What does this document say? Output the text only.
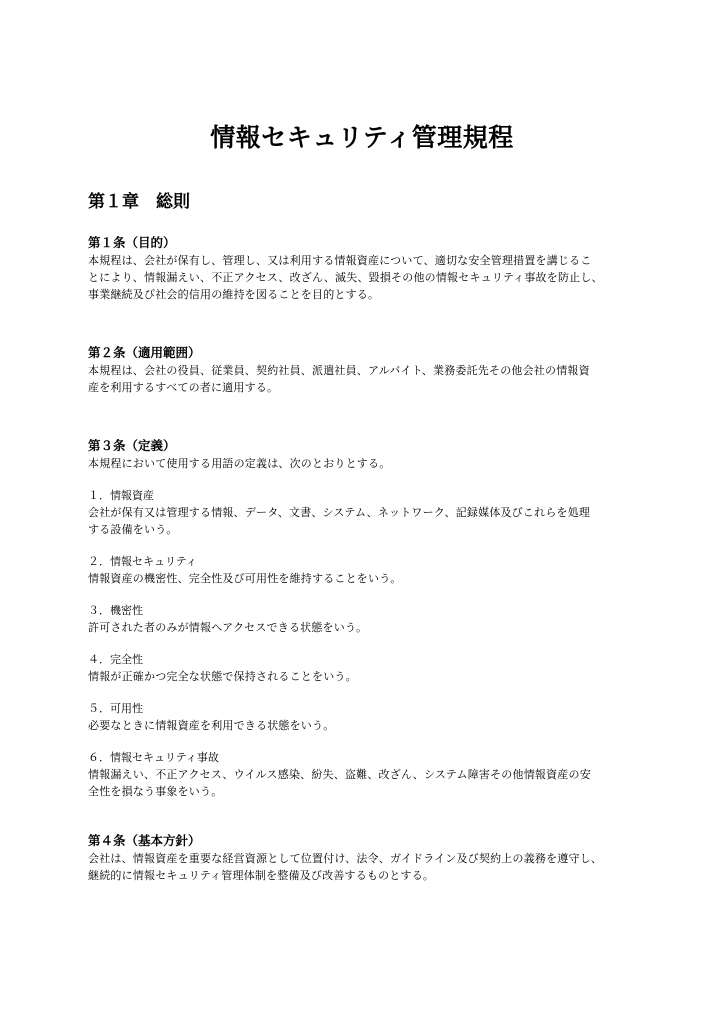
情報セキュリティ管理規程
第１章　総則

第１条（目的）

本規程は、会社が保有し、管理し、又は利用する情報資産について、適切な安全管理措置を講じるこ

とにより、情報漏えい、不正アクセス、改ざん、滅失、毀損その他の情報セキュリティ事故を防止し、

事業継続及び社会的信用の維持を図ることを目的とする。

第２条（適用範囲）

本規程は、会社の役員、従業員、契約社員、派遣社員、アルバイト、業務委託先その他会社の情報資

産を利用するすべての者に適用する。

第３条（定義）

本規程において使用する用語の定義は、次のとおりとする。

１．情報資産

会社が保有又は管理する情報、データ、文書、システム、ネットワーク、記録媒体及びこれらを処理

する設備をいう。

２．情報セキュリティ

情報資産の機密性、完全性及び可用性を維持することをいう。

３．機密性

許可された者のみが情報へアクセスできる状態をいう。

４．完全性

情報が正確かつ完全な状態で保持されることをいう。

５．可用性

必要なときに情報資産を利用できる状態をいう。

６．情報セキュリティ事故

情報漏えい、不正アクセス、ウイルス感染、紛失、盗難、改ざん、システム障害その他情報資産の安

全性を損なう事象をいう。

第４条（基本方針）

会社は、情報資産を重要な経営資源として位置付け、法令、ガイドライン及び契約上の義務を遵守し、

継続的に情報セキュリティ管理体制を整備及び改善するものとする。
